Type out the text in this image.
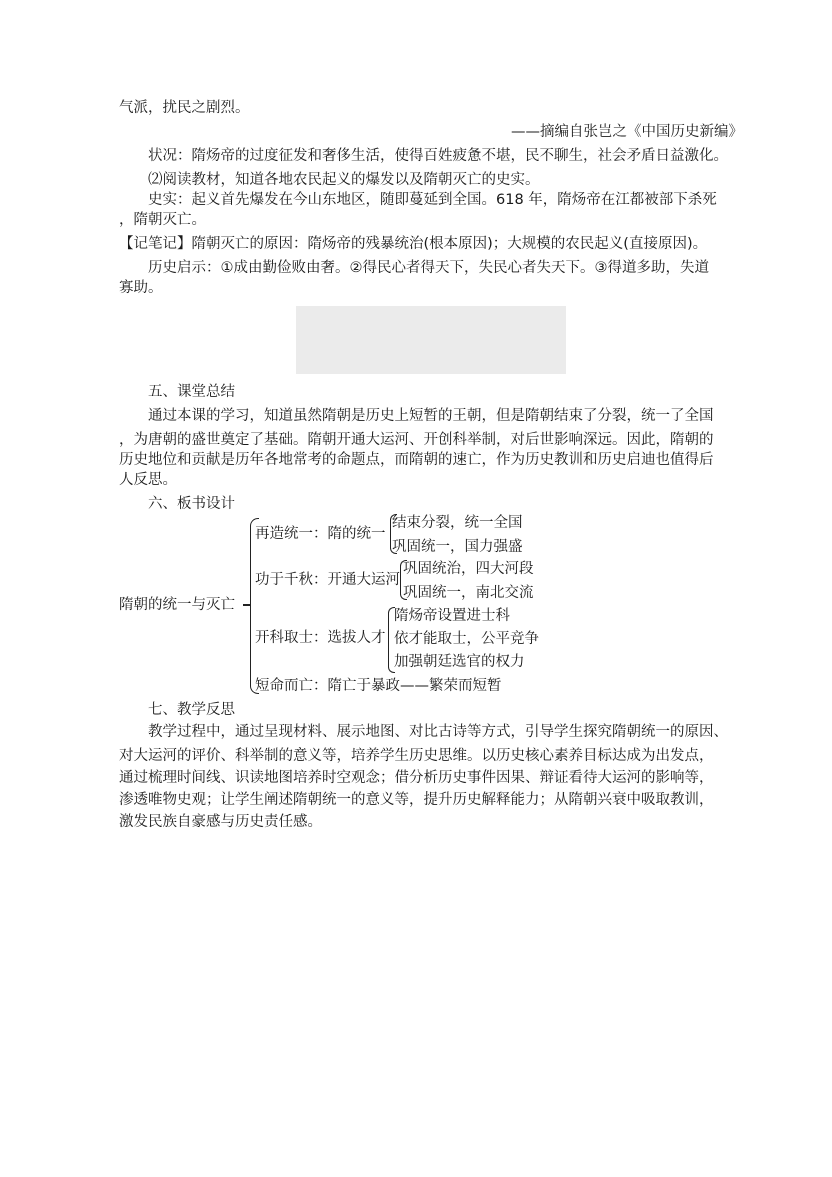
气派，扰民之剧烈。
——摘编自张岂之《中国历史新编》
状况：隋炀帝的过度征发和奢侈生活，使得百姓疲惫不堪，民不聊生，社会矛盾日益激化。
⑵阅读教材，知道各地农民起义的爆发以及隋朝灭亡的史实。
史实：起义首先爆发在今山东地区，随即蔓延到全国。618 年，隋炀帝在江都被部下杀死
，隋朝灭亡。
【记笔记】隋朝灭亡的原因：隋炀帝的残暴统治(根本原因)；大规模的农民起义(直接原因)。
历史启示：①成由勤俭败由奢。②得民心者得天下，失民心者失天下。③得道多助，失道
寡助。
五、课堂总结
通过本课的学习，知道虽然隋朝是历史上短暂的王朝，但是隋朝结束了分裂，统一了全国
，为唐朝的盛世奠定了基础。隋朝开通大运河、开创科举制，对后世影响深远。因此，隋朝的
历史地位和贡献是历年各地常考的命题点，而隋朝的速亡，作为历史教训和历史启迪也值得后
人反思。
六、板书设计
隋朝的统一与灭亡
再造统一：隋的统一
结束分裂，统一全国
巩固统一，国力强盛
功于千秋：开通大运河
巩固统治，四大河段
巩固统一，南北交流
开科取士：选拔人才
隋炀帝设置进士科
依才能取士，公平竞争
加强朝廷选官的权力
短命而亡：隋亡于暴政——繁荣而短暂
七、教学反思
教学过程中，通过呈现材料、展示地图、对比古诗等方式，引导学生探究隋朝统一的原因、
对大运河的评价、科举制的意义等，培养学生历史思维。以历史核心素养目标达成为出发点，
通过梳理时间线、识读地图培养时空观念；借分析历史事件因果、辩证看待大运河的影响等，
渗透唯物史观；让学生阐述隋朝统一的意义等，提升历史解释能力；从隋朝兴衰中吸取教训，
激发民族自豪感与历史责任感。
